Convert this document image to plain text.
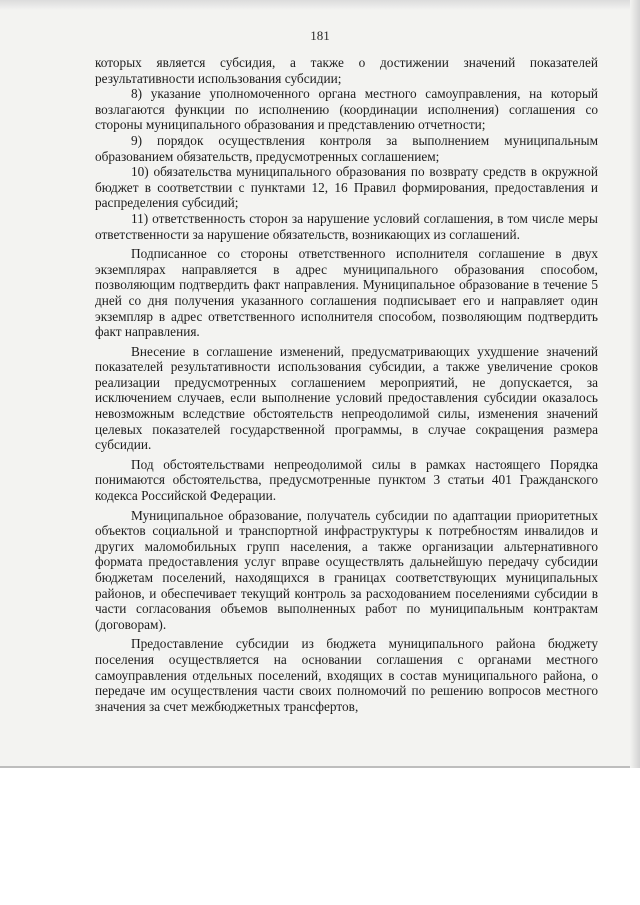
181

которых является субсидия, а также о достижении значений показателей результативности использования субсидии;

8) указание уполномоченного органа местного самоуправления, на который возлагаются функции по исполнению (координации исполнения) соглашения со стороны муниципального образования и представлению отчетности;

9) порядок осуществления контроля за выполнением муниципальным образованием обязательств, предусмотренных соглашением;

10) обязательства муниципального образования по возврату средств в окружной бюджет в соответствии с пунктами 12, 16 Правил формирования, предоставления и распределения субсидий;

11) ответственность сторон за нарушение условий соглашения, в том числе меры ответственности за нарушение обязательств, возникающих из соглашений.

Подписанное со стороны ответственного исполнителя соглашение в двух экземплярах направляется в адрес муниципального образования способом, позволяющим подтвердить факт направления. Муниципальное образование в течение 5 дней со дня получения указанного соглашения подписывает его и направляет один экземпляр в адрес ответственного исполнителя способом, позволяющим подтвердить факт направления.

Внесение в соглашение изменений, предусматривающих ухудшение значений показателей результативности использования субсидии, а также увеличение сроков реализации предусмотренных соглашением мероприятий, не допускается, за исключением случаев, если выполнение условий предоставления субсидии оказалось невозможным вследствие обстоятельств непреодолимой силы, изменения значений целевых показателей государственной программы, в случае сокращения размера субсидии.

Под обстоятельствами непреодолимой силы в рамках настоящего Порядка понимаются обстоятельства, предусмотренные пунктом 3 статьи 401 Гражданского кодекса Российской Федерации.

Муниципальное образование, получатель субсидии по адаптации приоритетных объектов социальной и транспортной инфраструктуры к потребностям инвалидов и других маломобильных групп населения, а также организации альтернативного формата предоставления услуг вправе осуществлять дальнейшую передачу субсидии бюджетам поселений, находящихся в границах соответствующих муниципальных районов, и обеспечивает текущий контроль за расходованием поселениями субсидии в части согласования объемов выполненных работ по муниципальным контрактам (договорам).

Предоставление субсидии из бюджета муниципального района бюджету поселения осуществляется на основании соглашения с органами местного самоуправления отдельных поселений, входящих в состав муниципального района, о передаче им осуществления части своих полномочий по решению вопросов местного значения за счет межбюджетных трансфертов,
